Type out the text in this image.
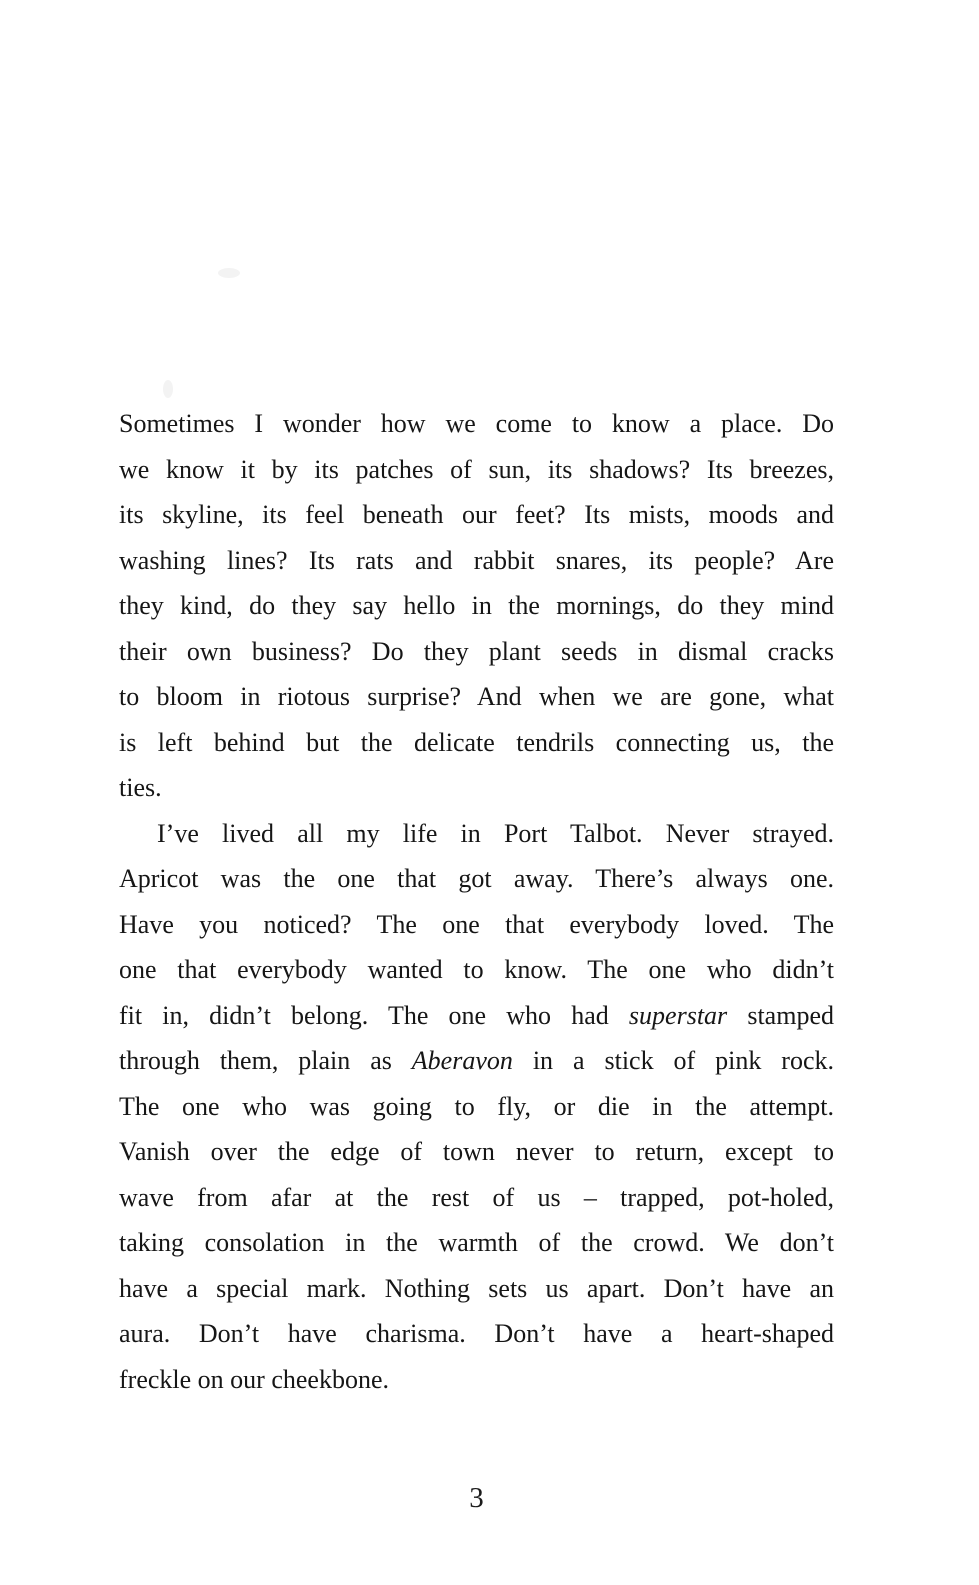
Sometimes I wonder how we come to know a place. Do
we know it by its patches of sun, its shadows? Its breezes,
its skyline, its feel beneath our feet? Its mists, moods and
washing lines? Its rats and rabbit snares, its people? Are
they kind, do they say hello in the mornings, do they mind
their own business? Do they plant seeds in dismal cracks
to bloom in riotous surprise? And when we are gone, what
is left behind but the delicate tendrils connecting us, the
ties.
I’ve lived all my life in Port Talbot. Never strayed.
Apricot was the one that got away. There’s always one.
Have you noticed? The one that everybody loved. The
one that everybody wanted to know. The one who didn’t
fit in, didn’t belong. The one who had superstar stamped
through them, plain as Aberavon in a stick of pink rock.
The one who was going to fly, or die in the attempt.
Vanish over the edge of town never to return, except to
wave from afar at the rest of us – trapped, pot-holed,
taking consolation in the warmth of the crowd. We don’t
have a special mark. Nothing sets us apart. Don’t have an
aura. Don’t have charisma. Don’t have a heart-shaped
freckle on our cheekbone.
3
